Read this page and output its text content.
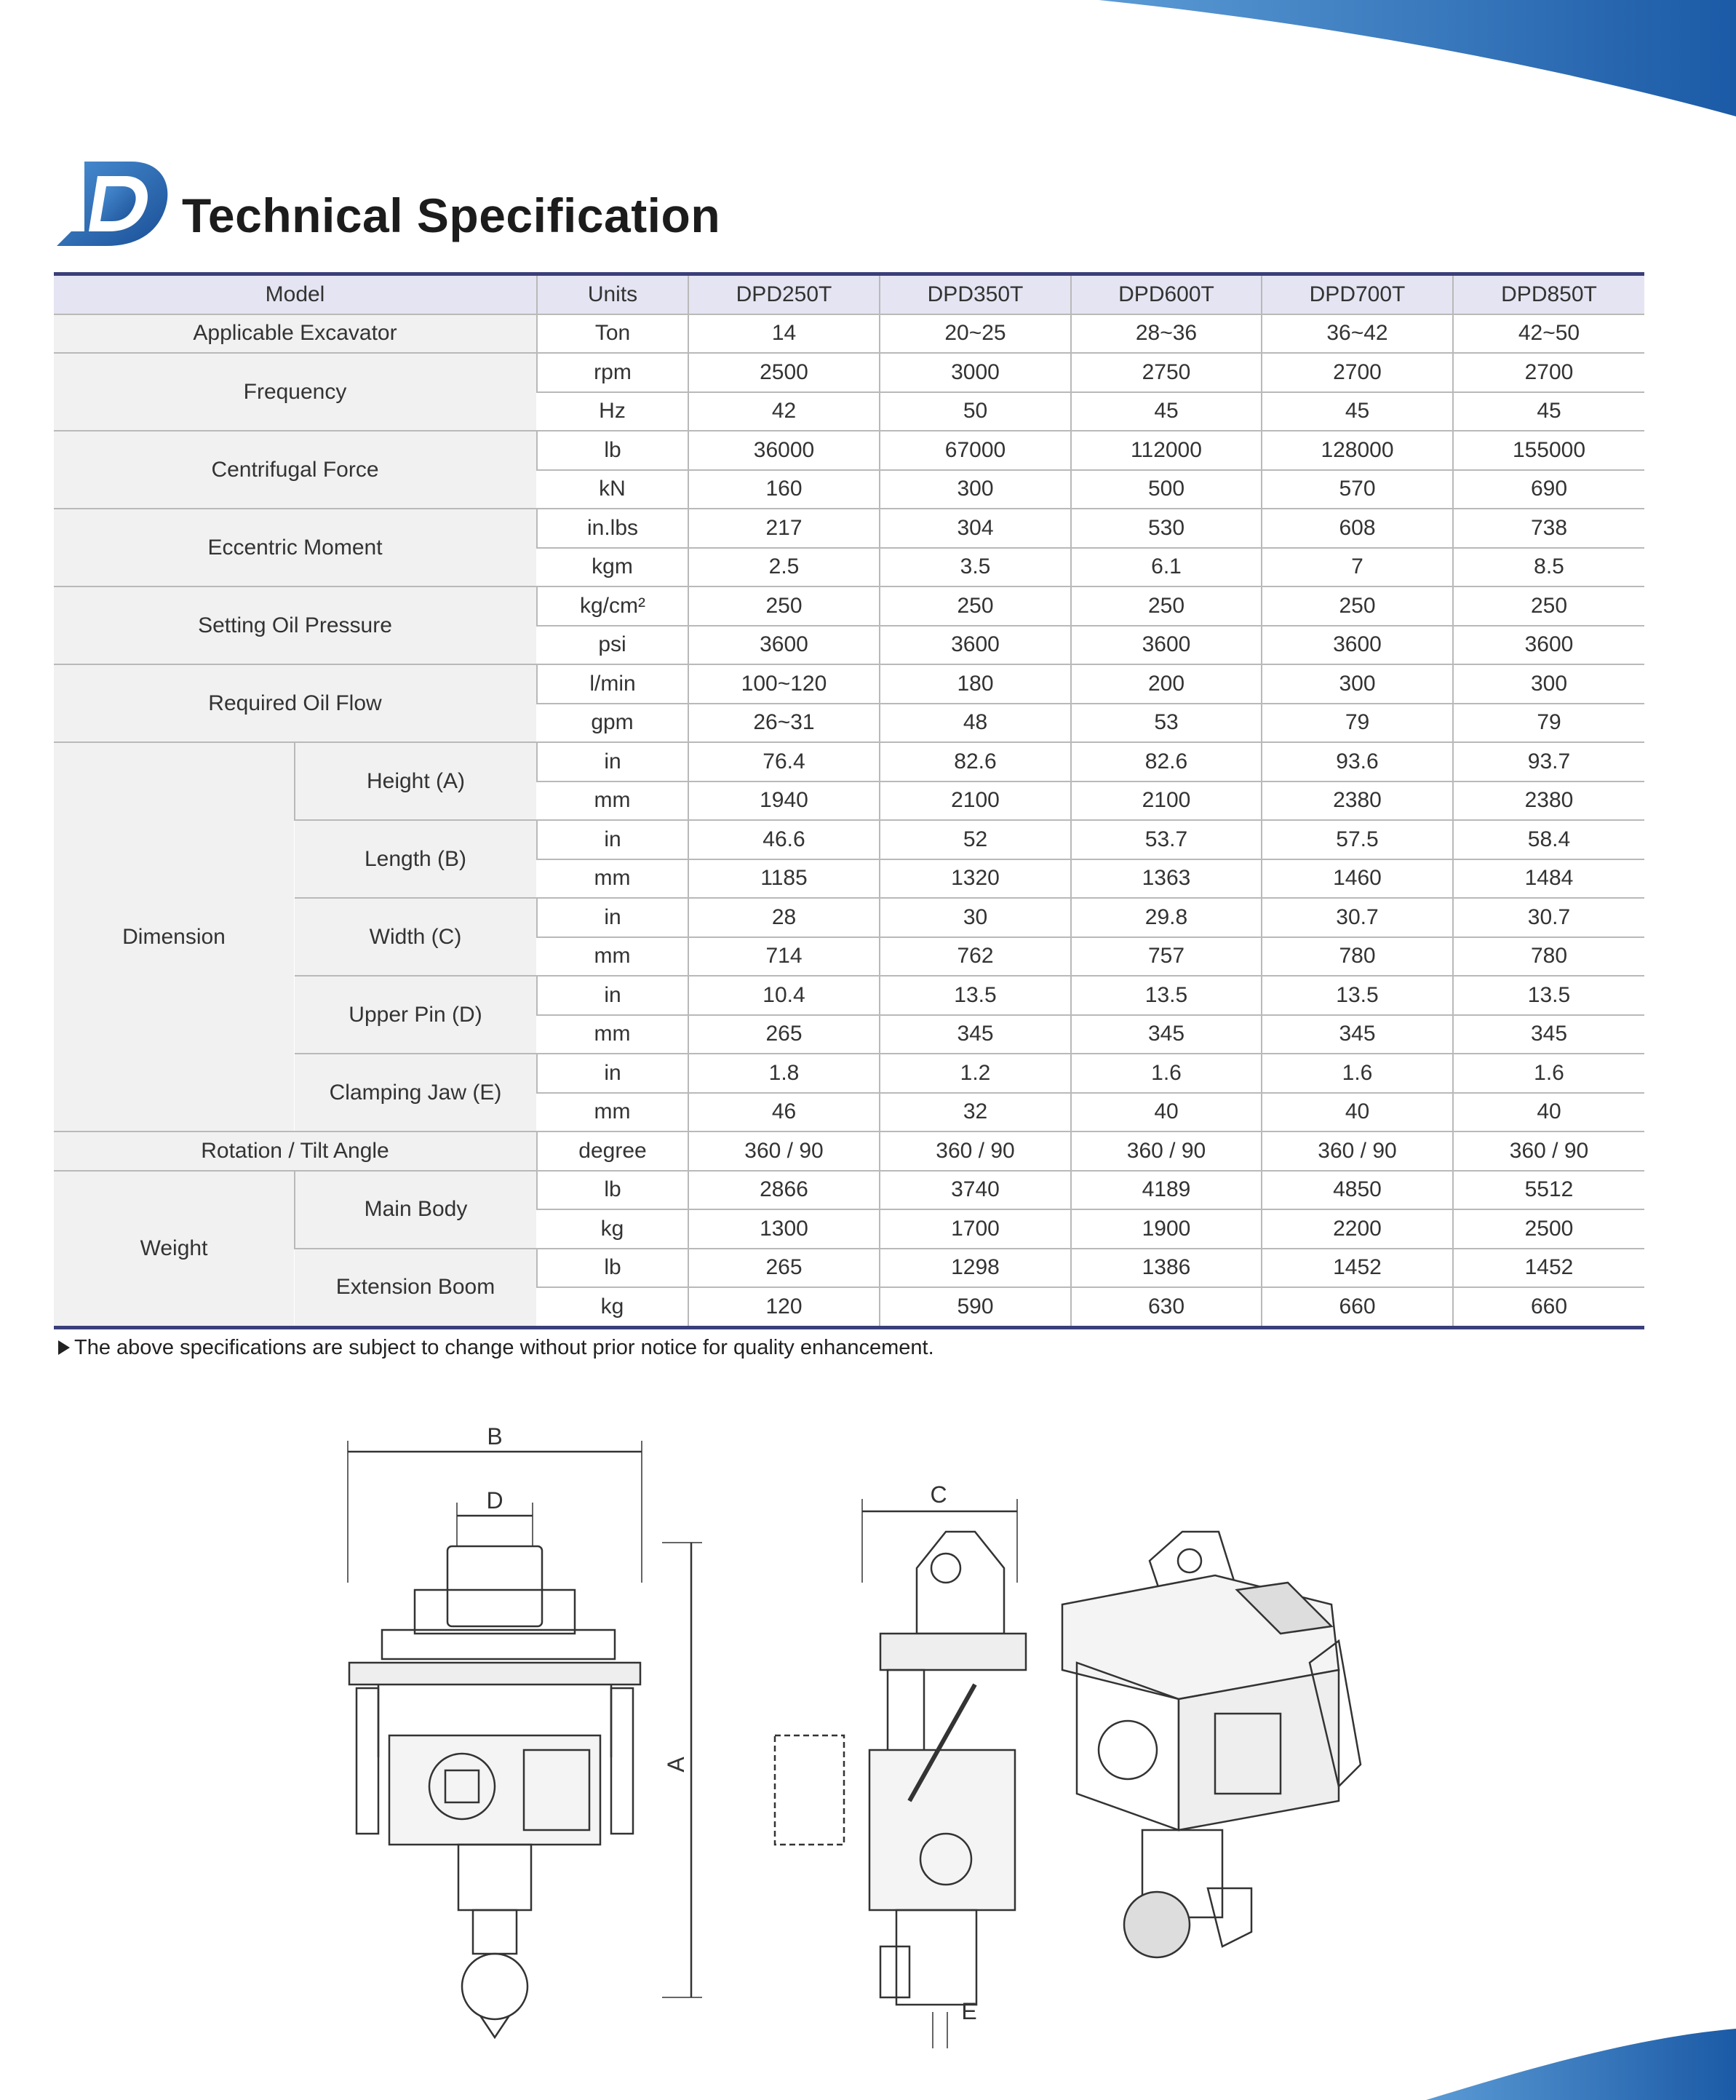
Technical Specification
Model		Units	DPD250T	DPD350T	DPD600T	DPD700T	DPD850T
Applicable Excavator		Ton	14	20~25	28~36	36~42	42~50
Frequency		rpm	2500	3000	2750	2700	2700
		Hz	42	50	45	45	45
Centrifugal Force		lb	36000	67000	112000	128000	155000
		kN	160	300	500	570	690
Eccentric Moment		in.lbs	217	304	530	608	738
		kgm	2.5	3.5	6.1	7	8.5
Setting Oil Pressure		kg/cm²	250	250	250	250	250
		psi	3600	3600	3600	3600	3600
Required Oil Flow		l/min	100~120	180	200	300	300
		gpm	26~31	48	53	79	79
Dimension	Height (A)	in	76.4	82.6	82.6	93.6	93.7
		mm	1940	2100	2100	2380	2380
	Length (B)	in	46.6	52	53.7	57.5	58.4
		mm	1185	1320	1363	1460	1484
	Width (C)	in	28	30	29.8	30.7	30.7
		mm	714	762	757	780	780
	Upper Pin (D)	in	10.4	13.5	13.5	13.5	13.5
		mm	265	345	345	345	345
	Clamping Jaw (E)	in	1.8	1.2	1.6	1.6	1.6
		mm	46	32	40	40	40
Rotation / Tilt Angle		degree	360 / 90	360 / 90	360 / 90	360 / 90	360 / 90
Weight	Main Body	lb	2866	3740	4189	4850	5512
		kg	1300	1700	1900	2200	2500
	Extension Boom	lb	265	1298	1386	1452	1452
		kg	120	590	630	660	660
The above specifications are subject to change without prior notice for quality enhancement.
B
D
A
C
E
